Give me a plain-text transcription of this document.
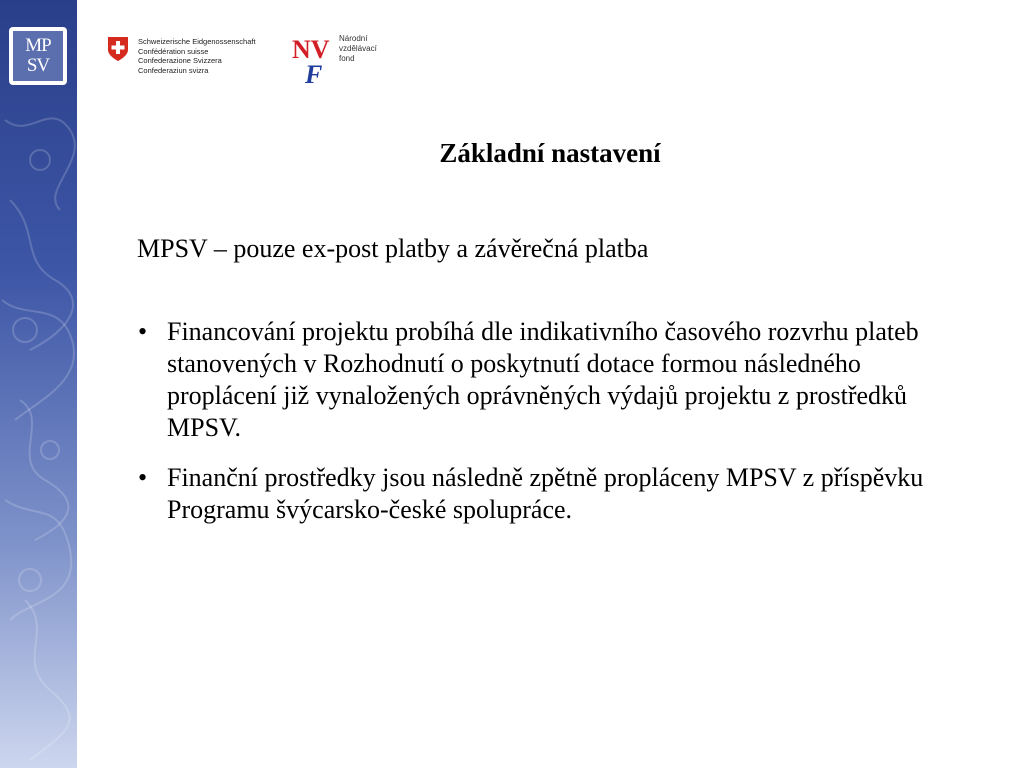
MP
SV
Schweizerische Eidgenossenschaft
Confédération suisse
Confederazione Svizzera
Confederaziun svizra
NV
F
Národní
vzdělávací
fond
Základní nastavení
MPSV – pouze ex-post platby a závěrečná platba
• Financování projektu probíhá dle indikativního časového rozvrhu plateb stanovených v Rozhodnutí o poskytnutí dotace formou následného proplácení již vynaložených oprávněných výdajů projektu z prostředků MPSV.
• Finanční prostředky jsou následně zpětně propláceny MPSV z příspěvku Programu švýcarsko-české spolupráce.
